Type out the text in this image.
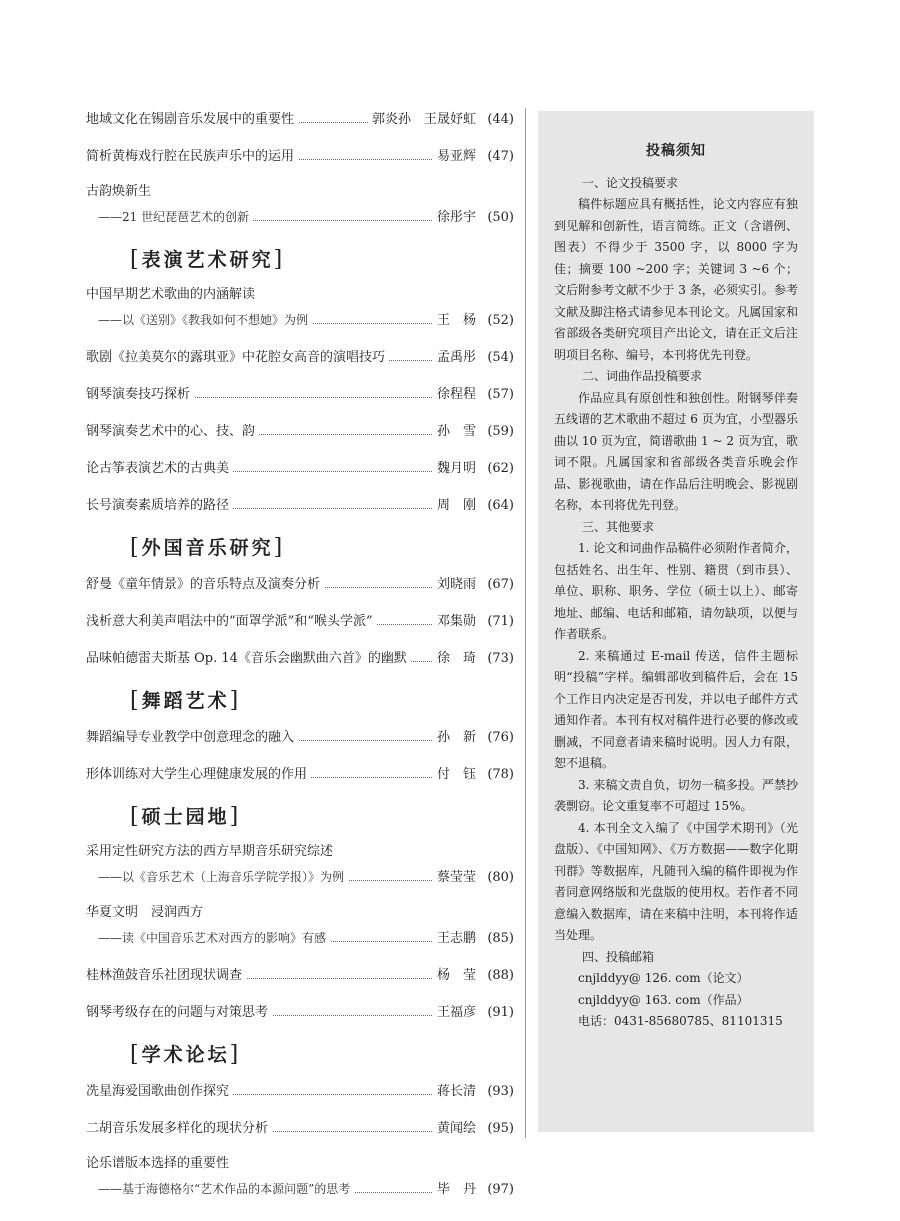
地域文化在锡剧音乐发展中的重要性	郭炎孙　王晟妤虹 (44)
简析黄梅戏行腔在民族声乐中的运用	易亚辉 (47)
古韵焕新生
——21 世纪琵琶艺术的创新	徐彤宇 (50)
[表演艺术研究]
中国早期艺术歌曲的内涵解读
——以《送别》《教我如何不想她》为例	王　杨 (52)
歌剧《拉美莫尔的露琪亚》中花腔女高音的演唱技巧	孟禹彤 (54)
钢琴演奏技巧探析	徐程程 (57)
钢琴演奏艺术中的心、技、韵	孙　雪 (59)
论古筝表演艺术的古典美	魏月明 (62)
长号演奏素质培养的路径	周　刚 (64)
[外国音乐研究]
舒曼《童年情景》的音乐特点及演奏分析	刘晓雨 (67)
浅析意大利美声唱法中的“面罩学派”和“喉头学派”	邓集勋 (71)
品味帕德雷夫斯基 Op. 14《音乐会幽默曲六首》的幽默	徐　琦 (73)
[舞蹈艺术]
舞蹈编导专业教学中创意理念的融入	孙　新 (76)
形体训练对大学生心理健康发展的作用	付　钰 (78)
[硕士园地]
采用定性研究方法的西方早期音乐研究综述
——以《音乐艺术（上海音乐学院学报）》为例	蔡莹莹 (80)
华夏文明　浸润西方
——读《中国音乐艺术对西方的影响》有感	王志鹏 (85)
桂林渔鼓音乐社团现状调查	杨　莹 (88)
钢琴考级存在的问题与对策思考	王福彦 (91)
[学术论坛]
冼星海爱国歌曲创作探究	蒋长清 (93)
二胡音乐发展多样化的现状分析	黄闻绘 (95)
论乐谱版本选择的重要性
——基于海德格尔“艺术作品的本源问题”的思考	毕　丹 (97)
投稿须知

一、论文投稿要求

稿件标题应具有概括性，论文内容应有独到见解和创新性，语言简练。正文（含谱例、图表）不得少于 3500 字，以 8000 字为佳；摘要 100 ~200 字；关键词 3 ~6 个；文后附参考文献不少于 3 条，必须实引。参考文献及脚注格式请参见本刊论文。凡属国家和省部级各类研究项目产出论文，请在正文后注明项目名称、编号，本刊将优先刊登。

二、词曲作品投稿要求

作品应具有原创性和独创性。附钢琴伴奏五线谱的艺术歌曲不超过 6 页为宜，小型器乐曲以 10 页为宜，简谱歌曲 1 ~ 2 页为宜，歌词不限。凡属国家和省部级各类音乐晚会作品、影视歌曲，请在作品后注明晚会、影视剧名称，本刊将优先刊登。

三、其他要求

1. 论文和词曲作品稿件必须附作者简介，包括姓名、出生年、性别、籍贯（到市县）、单位、职称、职务、学位（硕士以上）、邮寄地址、邮编、电话和邮箱，请勿缺项，以便与作者联系。

2. 来稿通过 E-mail 传送，信件主题标明“投稿”字样。编辑部收到稿件后，会在 15 个工作日内决定是否刊发，并以电子邮件方式通知作者。本刊有权对稿件进行必要的修改或删减，不同意者请来稿时说明。因人力有限，恕不退稿。

3. 来稿文责自负，切勿一稿多投。严禁抄袭剽窃。论文重复率不可超过 15%。

4. 本刊全文入编了《中国学术期刊》（光盘版）、《中国知网》、《万方数据——数字化期刊群》等数据库，凡随刊入编的稿件即视为作者同意网络版和光盘版的使用权。若作者不同意编入数据库，请在来稿中注明，本刊将作适当处理。

四、投稿邮箱

cnjlddyy@ 126. com（论文）

cnjlddyy@ 163. com（作品）

电话：0431-85680785、81101315
